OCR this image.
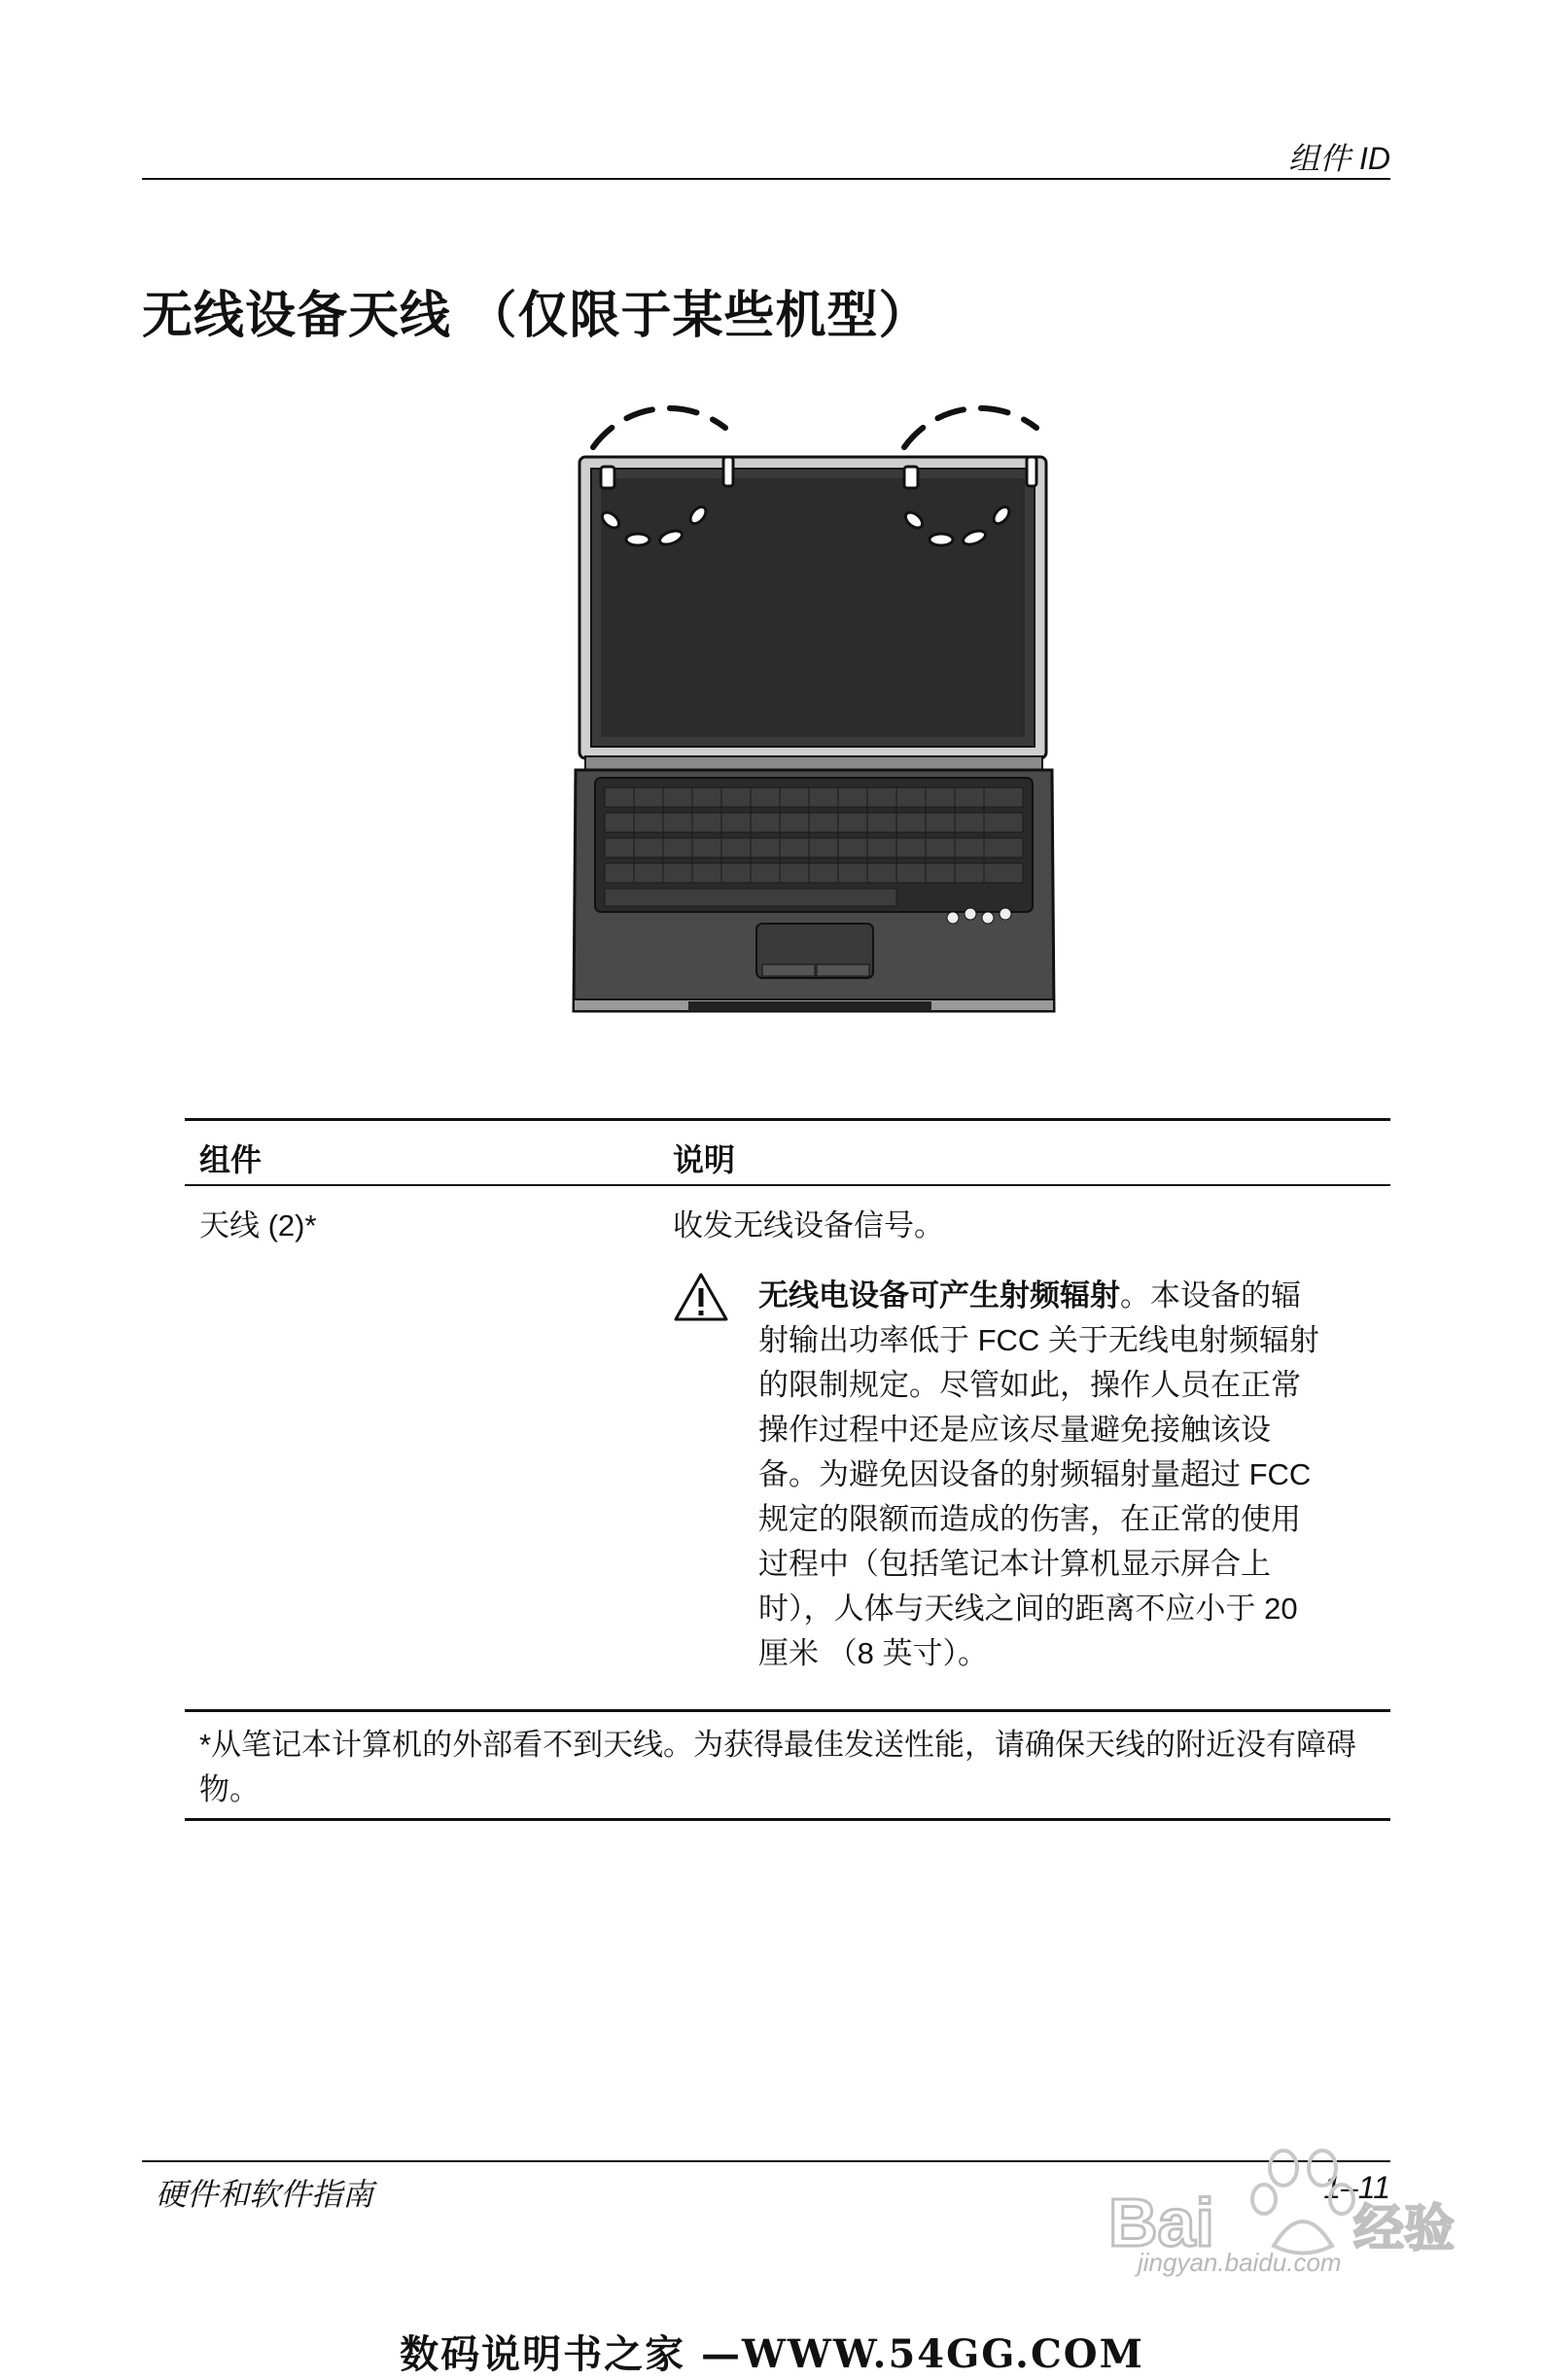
组件 ID
无线设备天线 （仅限于某些机型）
组件	说明
天线 (2)*	收发无线设备信号。
无线电设备可产生射频辐射。本设备的辐射输出功率低于 FCC 关于无线电射频辐射的限制规定。尽管如此，操作人员在正常操作过程中还是应该尽量避免接触该设备。为避免因设备的射频辐射量超过 FCC 规定的限额而造成的伤害，在正常的使用过程中（包括笔记本计算机显示屏合上时），人体与天线之间的距离不应小于 20 厘米 （8 英寸）。
*从笔记本计算机的外部看不到天线。为获得最佳发送性能，请确保天线的附近没有障碍物。
硬件和软件指南	1–11
Bai	经验
jingyan.baidu.com
数码说明书之家 —WWW.54GG.COM
